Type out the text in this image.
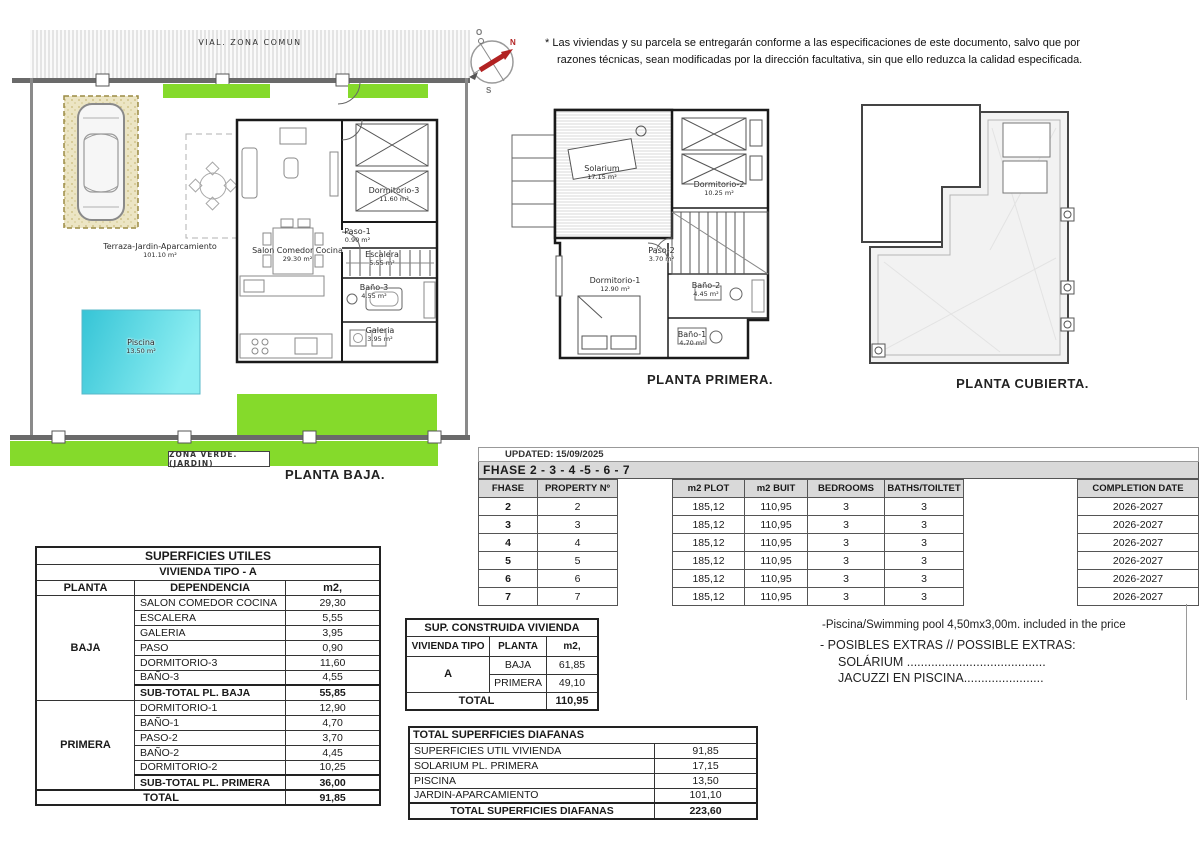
VIAL. ZONA COMUN	N
O
S
* Las viviendas y su parcela se entregarán conforme a las especificaciones de este documento, salvo que por
razones técnicas, sean modificadas por la dirección facultativa, sin que ello reduzca la calidad especificada.
Terraza-Jardin-Aparcamiento
101.10 m²	Salon Comedor Cocina
29.30 m²
Dormitorio-3
11.60 m²
Paso-1
0.90 m²
Escalera
5.55 m²
Baño-3
4.55 m²
Galeria
3.95 m²
Piscina
13.50 m²
ZONA VERDE. (JARDIN)
PLANTA BAJA.
Solarium
17.15 m²
Dormitorio-2
10.25 m²
Paso-2
3.70 m²
Dormitorio-1
12.90 m²	Baño-2
4.45 m²
Baño-1
4.70 m²
PLANTA PRIMERA.	PLANTA CUBIERTA.
UPDATED: 15/09/2025
FHASE 2 - 3 - 4 -5 - 6 - 7
FHASE	PROPERTY Nº	m2 PLOT	m2 BUIT	BEDROOMS	BATHS/TOILTET	COMPLETION DATE
2	2	185,12	110,95	3	3	2026-2027
3	3	185,12	110,95	3	3	2026-2027
4	4	185,12	110,95	3	3	2026-2027
5	5	185,12	110,95	3	3	2026-2027
6	6	185,12	110,95	3	3	2026-2027
7	7	185,12	110,95	3	3	2026-2027
SUPERFICIES UTILES		
VIVIENDA TIPO - A		
PLANTA	DEPENDENCIA	m2,
BAJA	SALON COMEDOR COCINA	29,30
	ESCALERA	5,55
	GALERIA	3,95
	PASO	0,90
	DORMITORIO-3	11,60
	BAÑO-3	4,55
	SUB-TOTAL PL. BAJA	55,85
PRIMERA	DORMITORIO-1	12,90
	BAÑO-1	4,70
	PASO-2	3,70
	BAÑO-2	4,45
	DORMITORIO-2	10,25
	SUB-TOTAL PL. PRIMERA	36,00
TOTAL		91,85
SUP. CONSTRUIDA VIVIENDA		
VIVIENDA TIPO	PLANTA	m2,
A	BAJA	61,85
	PRIMERA	49,10
TOTAL		110,95
TOTAL SUPERFICIES DIAFANAS	
SUPERFICIES UTIL VIVIENDA	91,85
SOLARIUM PL. PRIMERA	17,15
PISCINA	13,50
JARDIN-APARCAMIENTO	101,10
TOTAL SUPERFICIES DIAFANAS	223,60
-Piscina/Swimming pool 4,50mx3,00m. included in the price
- POSIBLES EXTRAS // POSSIBLE EXTRAS:
SOLÁRIUM ........................................
JACUZZI EN PISCINA.......................
